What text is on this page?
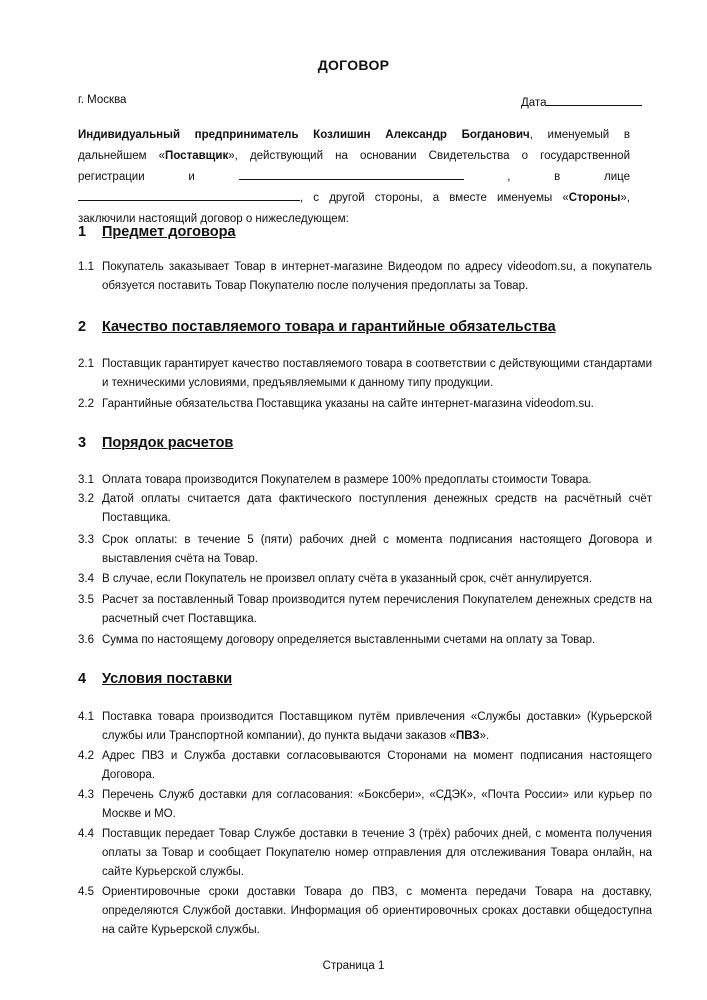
ДОГОВОР
г. Москва	Дата
Индивидуальный предприниматель Козлишин Александр Богданович, именуемый в дальнейшем «Поставщик», действующий на основании Свидетельства о государственной регистрации и	, в лице , с другой стороны, а вместе именуемы «Стороны», заключили настоящий договор о нижеследующем:
1 Предмет договора
1.1 Покупатель заказывает Товар в интернет-магазине Видеодом по адресу videodom.su, а покупатель обязуется поставить Товар Покупателю после получения предоплаты за Товар.
2 Качество поставляемого товара и гарантийные обязательства
2.1 Поставщик гарантирует качество поставляемого товара в соответствии с действующими стандартами и техническими условиями, предъявляемыми к данному типу продукции.
2.2 Гарантийные обязательства Поставщика указаны на сайте интернет-магазина videodom.su.
3 Порядок расчетов
3.1 Оплата товара производится Покупателем в размере 100% предоплаты стоимости Товара.
3.2 Датой оплаты считается дата фактического поступления денежных средств на расчётный счёт Поставщика.
3.3 Срок оплаты: в течение 5 (пяти) рабочих дней с момента подписания настоящего Договора и выставления счёта на Товар.
3.4 В случае, если Покупатель не произвел оплату счёта в указанный срок, счёт аннулируется.
3.5 Расчет за поставленный Товар производится путем перечисления Покупателем денежных средств на расчетный счет Поставщика.
3.6 Сумма по настоящему договору определяется выставленными счетами на оплату за Товар.
4 Условия поставки
4.1 Поставка товара производится Поставщиком путём привлечения «Службы доставки» (Курьерской службы или Транспортной компании), до пункта выдачи заказов «ПВЗ».
4.2 Адрес ПВЗ и Служба доставки согласовываются Сторонами на момент подписания настоящего Договора.
4.3 Перечень Служб доставки для согласования: «Боксбери», «СДЭК», «Почта России» или курьер по Москве и МО.
4.4 Поставщик передает Товар Службе доставки в течение 3 (трёх) рабочих дней, с момента получения оплаты за Товар и сообщает Покупателю номер отправления для отслеживания Товара онлайн, на сайте Курьерской службы.
4.5 Ориентировочные сроки доставки Товара до ПВЗ, с момента передачи Товара на доставку, определяются Службой доставки. Информация об ориентировочных сроках доставки общедоступна на сайте Курьерской службы.
Страница 1
